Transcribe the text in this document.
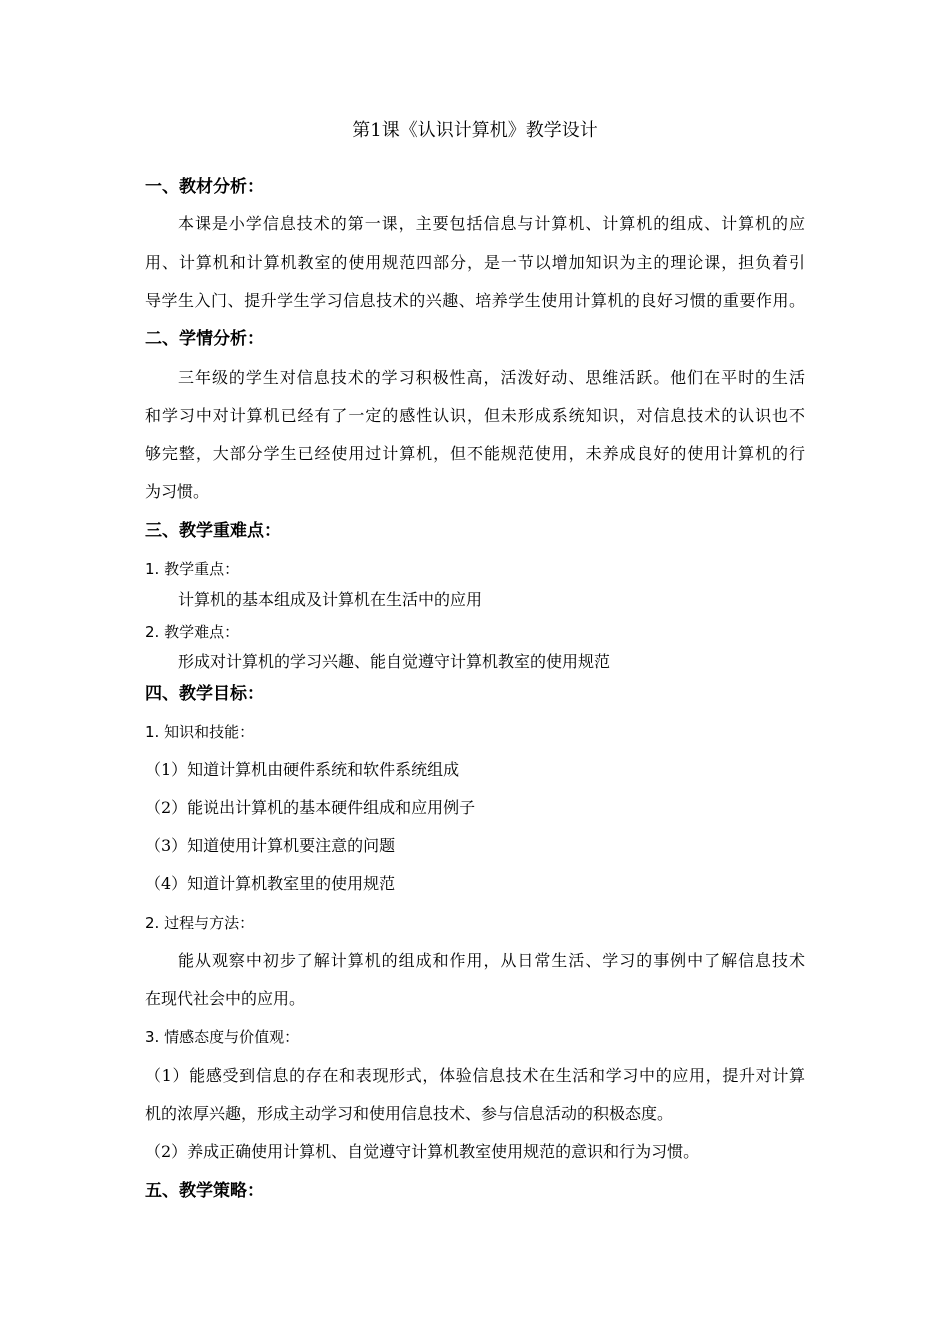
第1课《认识计算机》教学设计
一、教材分析：
本课是小学信息技术的第一课，主要包括信息与计算机、计算机的组成、计算机的应
用、计算机和计算机教室的使用规范四部分，是一节以增加知识为主的理论课，担负着引
导学生入门、提升学生学习信息技术的兴趣、培养学生使用计算机的良好习惯的重要作用。
二、学情分析：
三年级的学生对信息技术的学习积极性高，活泼好动、思维活跃。他们在平时的生活
和学习中对计算机已经有了一定的感性认识，但未形成系统知识，对信息技术的认识也不
够完整，大部分学生已经使用过计算机，但不能规范使用，未养成良好的使用计算机的行
为习惯。
三、教学重难点：
1. 教学重点：
计算机的基本组成及计算机在生活中的应用
2. 教学难点：
形成对计算机的学习兴趣、能自觉遵守计算机教室的使用规范
四、教学目标：
1. 知识和技能：
（1）知道计算机由硬件系统和软件系统组成
（2）能说出计算机的基本硬件组成和应用例子
（3）知道使用计算机要注意的问题
（4）知道计算机教室里的使用规范
2. 过程与方法：
能从观察中初步了解计算机的组成和作用，从日常生活、学习的事例中了解信息技术
在现代社会中的应用。
3. 情感态度与价值观：
（1）能感受到信息的存在和表现形式，体验信息技术在生活和学习中的应用，提升对计算
机的浓厚兴趣，形成主动学习和使用信息技术、参与信息活动的积极态度。
（2）养成正确使用计算机、自觉遵守计算机教室使用规范的意识和行为习惯。
五、教学策略：
